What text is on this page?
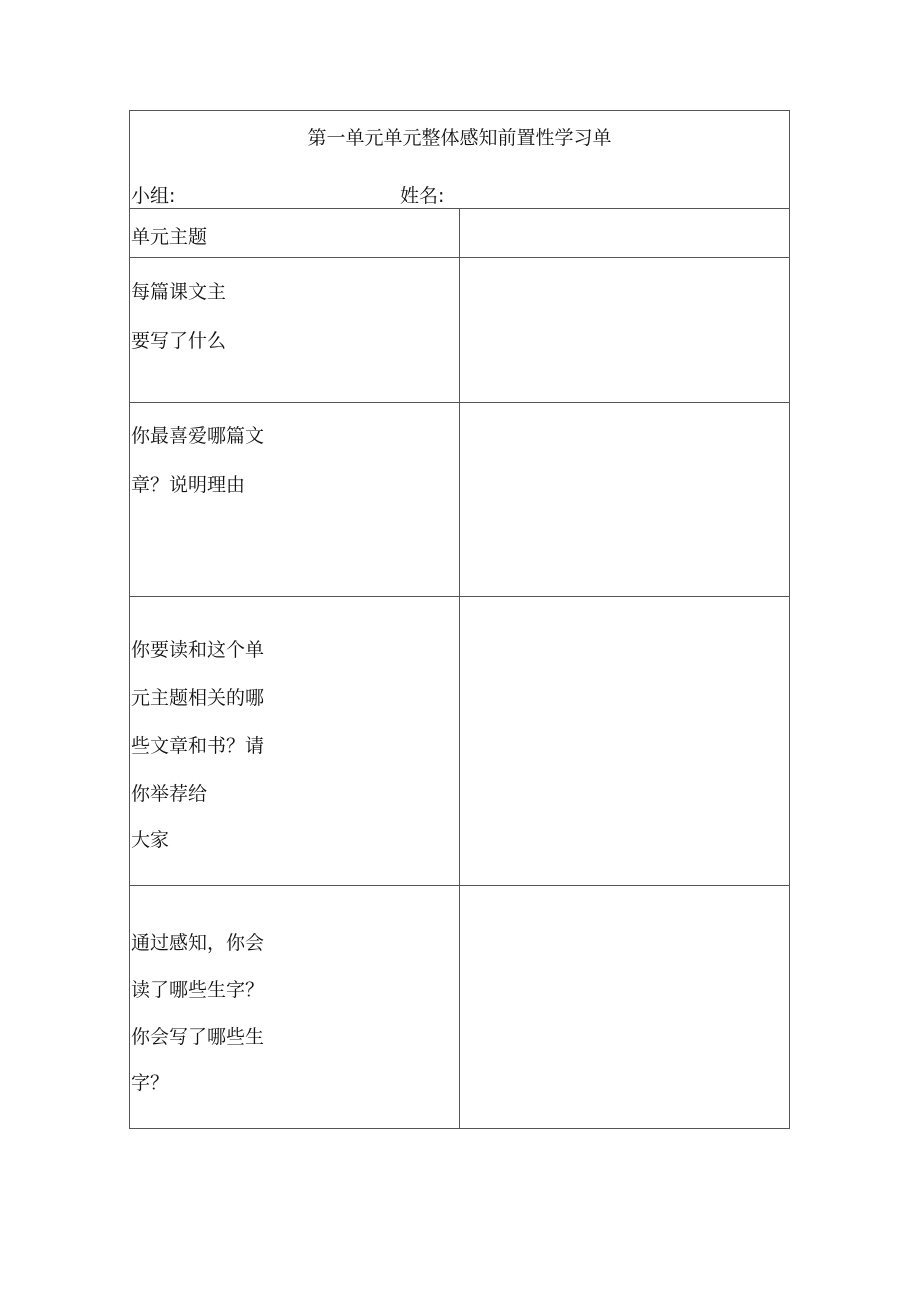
第一单元单元整体感知前置性学习单
小组: 姓名:	

单元主题	

每篇课文主
要写了什么	

你最喜爱哪篇文
章？说明理由	

你要读和这个单
元主题相关的哪
些文章和书？请
你举荐给
大家	

通过感知，你会
读了哪些生字？
你会写了哪些生
字？	
